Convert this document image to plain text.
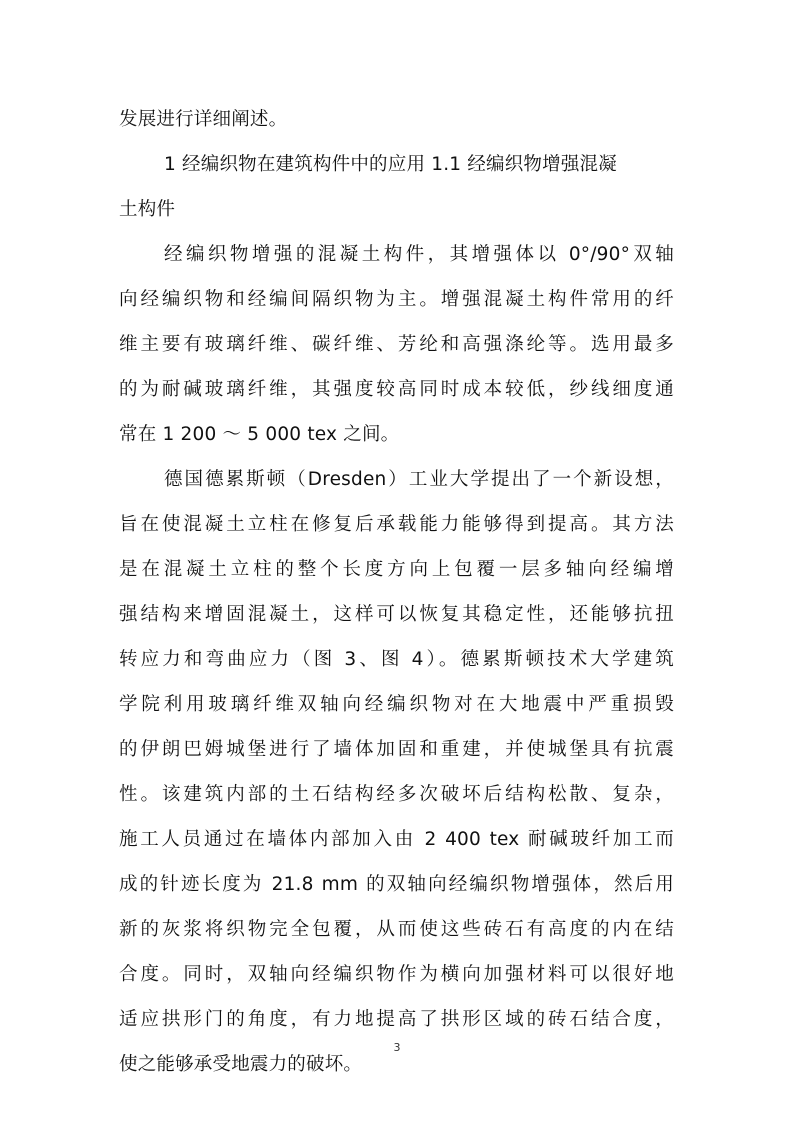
发展进行详细阐述。
1 经编织物在建筑构件中的应用 1.1 经编织物增强混凝
土构件
经编织物增强的混凝土构件，其增强体以 0°/90°双轴
向经编织物和经编间隔织物为主。增强混凝土构件常用的纤
维主要有玻璃纤维、碳纤维、芳纶和高强涤纶等。选用最多
的为耐碱玻璃纤维，其强度较高同时成本较低，纱线细度通
常在 1 200 ～ 5 000 tex 之间。
德国德累斯顿（Dresden）工业大学提出了一个新设想，
旨在使混凝土立柱在修复后承载能力能够得到提高。其方法
是在混凝土立柱的整个长度方向上包覆一层多轴向经编增
强结构来增固混凝土，这样可以恢复其稳定性，还能够抗扭
转应力和弯曲应力（图 3、图 4）。德累斯顿技术大学建筑
学院利用玻璃纤维双轴向经编织物对在大地震中严重损毁
的伊朗巴姆城堡进行了墙体加固和重建，并使城堡具有抗震
性。该建筑内部的土石结构经多次破坏后结构松散、复杂，
施工人员通过在墙体内部加入由 2 400 tex 耐碱玻纤加工而
成的针迹长度为 21.8 mm 的双轴向经编织物增强体，然后用
新的灰浆将织物完全包覆，从而使这些砖石有高度的内在结
合度。同时，双轴向经编织物作为横向加强材料可以很好地
适应拱形门的角度，有力地提高了拱形区域的砖石结合度，
使之能够承受地震力的破坏。
3
